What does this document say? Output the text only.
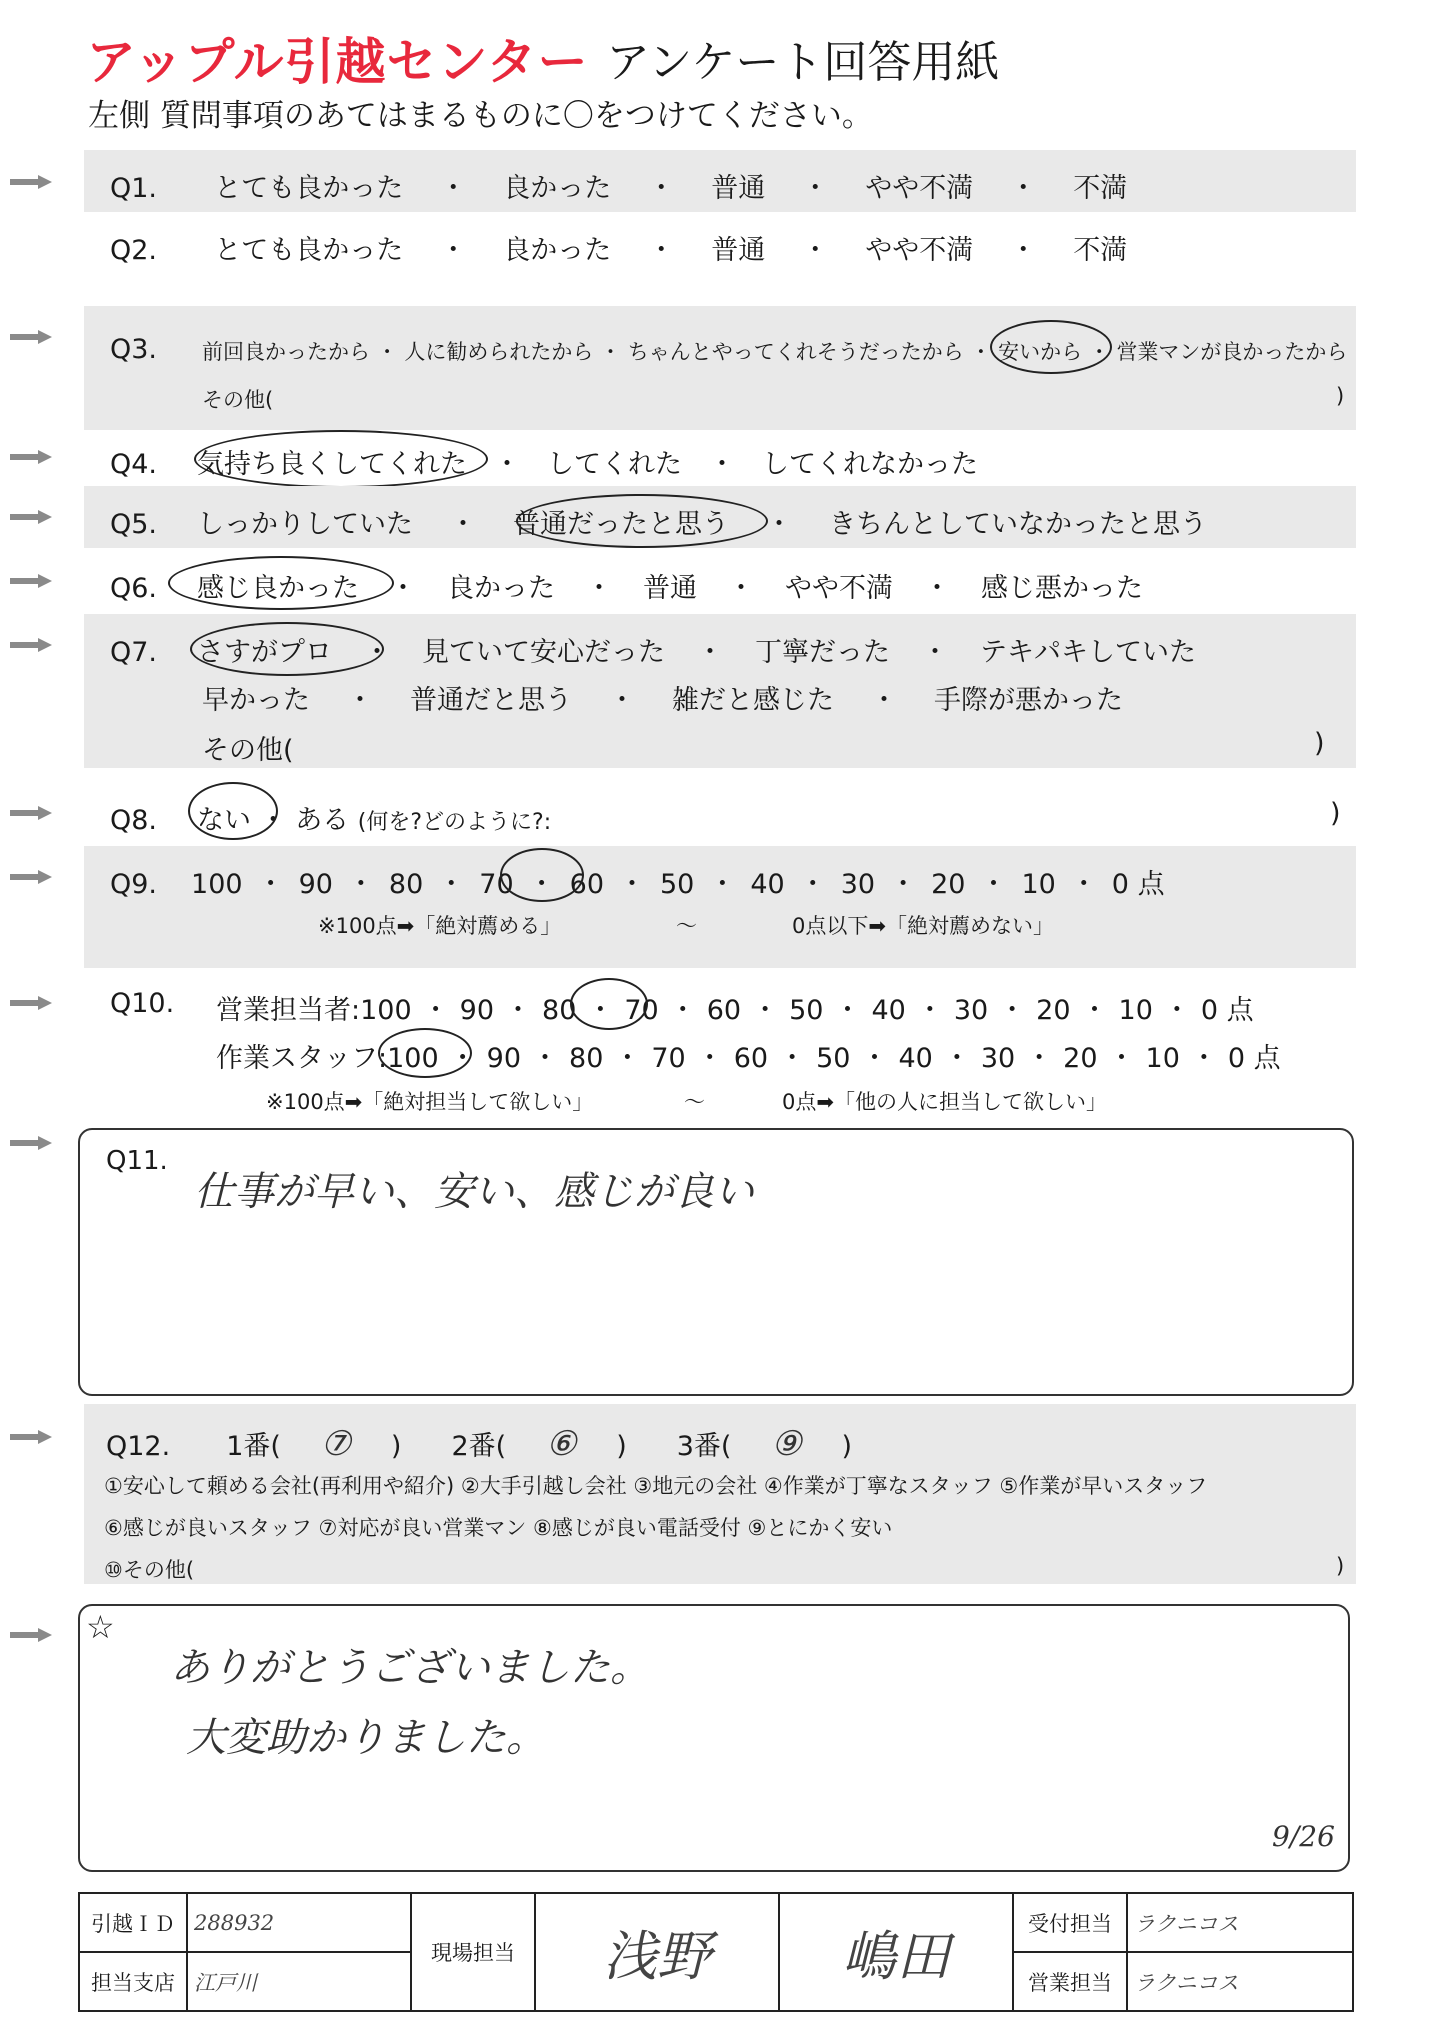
アップル引越センター アンケート回答用紙
左側 質問事項のあてはまるものに〇をつけてください。
Q1. とても良かった ・ 良かった ・ 普通 ・ やや不満 ・ 不満
Q2. とても良かった ・ 良かった ・ 普通 ・ やや不満 ・ 不満
Q3. 前回良かったから ・ 人に勧められたから ・ ちゃんとやってくれそうだったから ・ 安いから ・ 営業マンが良かったから
その他(	)
Q4. 気持ち良くしてくれた ・ してくれた ・ してくれなかった
Q5. しっかりしていた ・ 普通だったと思う ・ きちんとしていなかったと思う
Q6. 感じ良かった ・ 良かった ・ 普通 ・ やや不満 ・ 感じ悪かった
Q7. さすがプロ ・ 見ていて安心だった ・ 丁寧だった ・ テキパキしていた
早かった ・ 普通だと思う ・ 雑だと感じた ・ 手際が悪かった
その他(	)
Q8. ない ・ ある (何を?どのように?:	)
Q9. 100 ・ 90 ・ 80 ・ 70 ・ 60 ・ 50 ・ 40 ・ 30 ・ 20 ・ 10 ・ 0 点
※100点➡「絶対薦める」	〜	0点以下➡「絶対薦めない」
Q10. 営業担当者:100 ・ 90 ・ 80 ・ 70 ・ 60 ・ 50 ・ 40 ・ 30 ・ 20 ・ 10 ・ 0 点
作業スタッフ:100 ・ 90 ・ 80 ・ 70 ・ 60 ・ 50 ・ 40 ・ 30 ・ 20 ・ 10 ・ 0 点
※100点➡「絶対担当して欲しい」	〜	0点➡「他の人に担当して欲しい」
Q11.
仕事が早い、安い、感じが良い
Q12. 1番( ⑦ ) 2番( ⑥ ) 3番( ⑨ )
①安心して頼める会社(再利用や紹介) ②大手引越し会社 ③地元の会社 ④作業が丁寧なスタッフ ⑤作業が早いスタッフ
⑥感じが良いスタッフ ⑦対応が良い営業マン ⑧感じが良い電話受付 ⑨とにかく安い
⑩その他(	)
☆
ありがとうございました。
大変助かりました。
9/26
引越ＩＤ	288932	現場担当	浅野	嶋田	受付担当	ラクニコス
担当支店	江戸川				営業担当	ラクニコス
